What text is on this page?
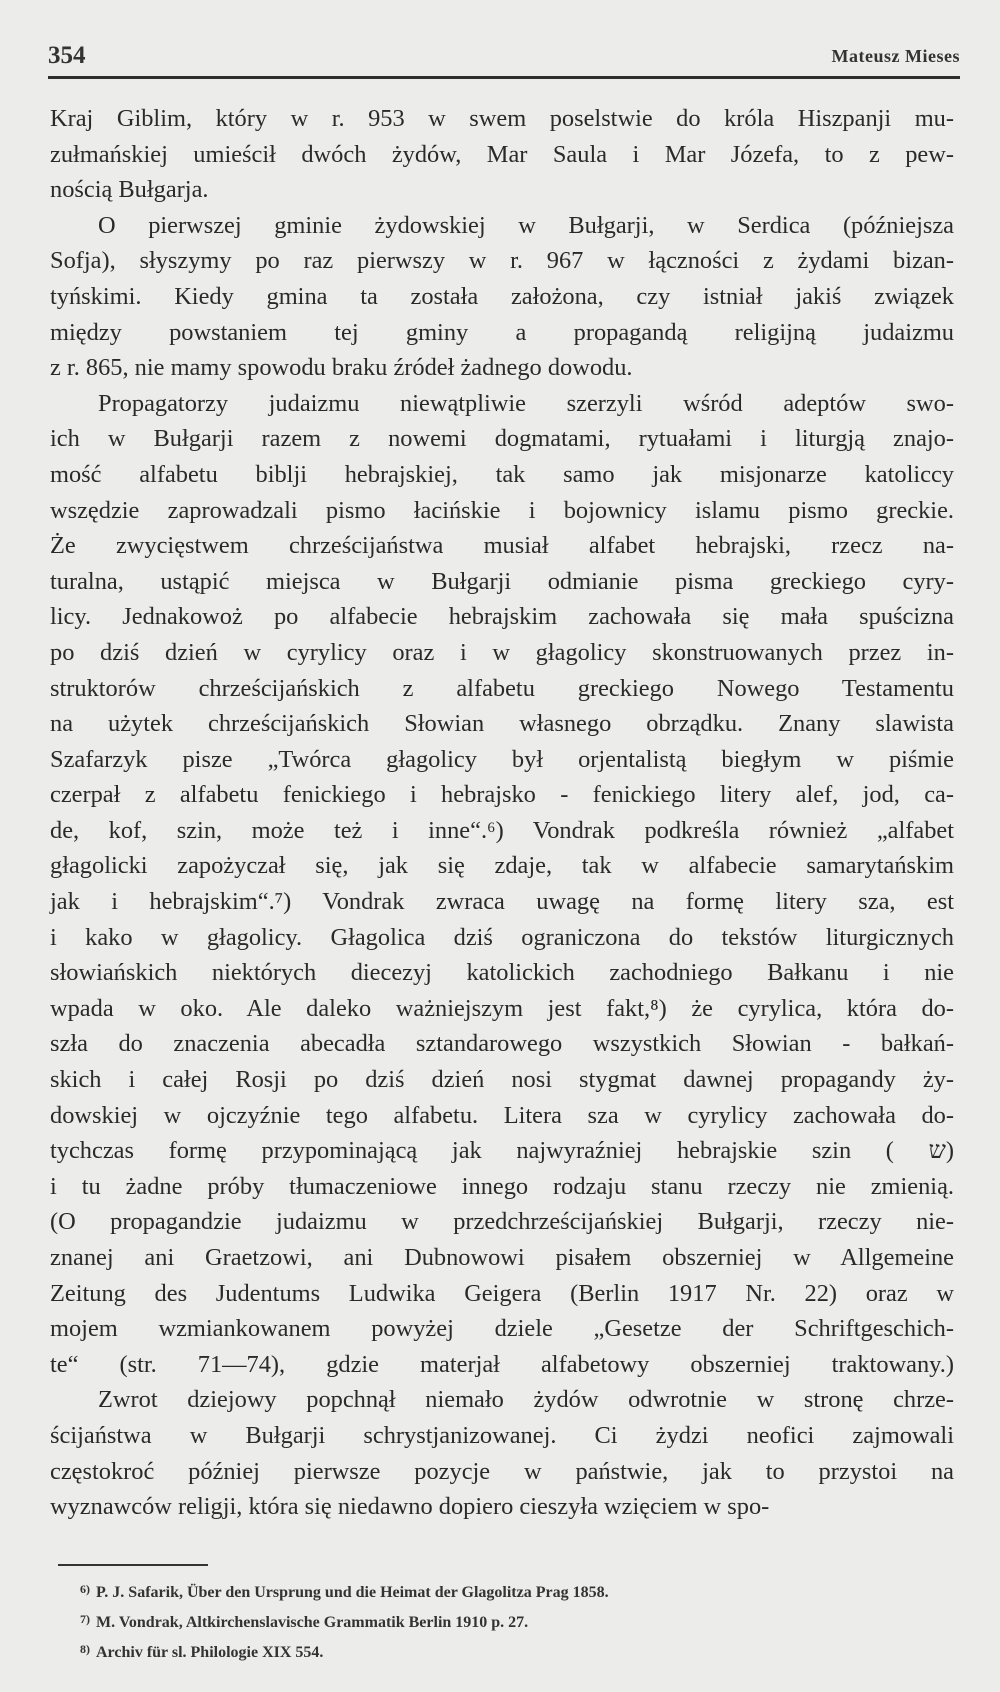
354	Mateusz Mieses
Kraj Giblim, który w r. 953 w swem poselstwie do króla Hiszpanji mu-
zułmańskiej umieścił dwóch żydów, Mar Saula i Mar Józefa, to z pew-
nością Bułgarja.
O pierwszej gminie żydowskiej w Bułgarji, w Serdica (późniejsza
Sofja), słyszymy po raz pierwszy w r. 967 w łączności z żydami bizan-
tyńskimi. Kiedy gmina ta została założona, czy istniał jakiś związek
między powstaniem tej gminy a propagandą religijną judaizmu
z r. 865, nie mamy spowodu braku źródeł żadnego dowodu.
Propagatorzy judaizmu niewątpliwie szerzyli wśród adeptów swo-
ich w Bułgarji razem z nowemi dogmatami, rytuałami i liturgją znajo-
mość alfabetu biblji hebrajskiej, tak samo jak misjonarze katoliccy
wszędzie zaprowadzali pismo łacińskie i bojownicy islamu pismo greckie.
Że zwycięstwem chrześcijaństwa musiał alfabet hebrajski, rzecz na-
turalna, ustąpić miejsca w Bułgarji odmianie pisma greckiego cyry-
licy. Jednakowoż po alfabecie hebrajskim zachowała się mała spuścizna
po dziś dzień w cyrylicy oraz i w głagolicy skonstruowanych przez in-
struktorów chrześcijańskich z alfabetu greckiego Nowego Testamentu
na użytek chrześcijańskich Słowian własnego obrządku. Znany slawista
Szafarzyk pisze „Twórca głagolicy był orjentalistą biegłym w piśmie
czerpał z alfabetu fenickiego i hebrajsko - fenickiego litery alef, jod, ca-
de, kof, szin, może też i inne“.⁶) Vondrak podkreśla również „alfabet
głagolicki zapożyczał się, jak się zdaje, tak w alfabecie samarytańskim
jak i hebrajskim“.⁷) Vondrak zwraca uwagę na formę litery sza, est
i kako w głagolicy. Głagolica dziś ograniczona do tekstów liturgicznych
słowiańskich niektórych diecezyj katolickich zachodniego Bałkanu i nie
wpada w oko. Ale daleko ważniejszym jest fakt,⁸) że cyrylica, która do-
szła do znaczenia abecadła sztandarowego wszystkich Słowian - bałkań-
skich i całej Rosji po dziś dzień nosi stygmat dawnej propagandy ży-
dowskiej w ojczyźnie tego alfabetu. Litera sza w cyrylicy zachowała do-
tychczas formę przypominającą jak najwyraźniej hebrajskie szin ( ש)
i tu żadne próby tłumaczeniowe innego rodzaju stanu rzeczy nie zmienią.
(O propagandzie judaizmu w przedchrześcijańskiej Bułgarji, rzeczy nie-
znanej ani Graetzowi, ani Dubnowowi pisałem obszerniej w Allgemeine
Zeitung des Judentums Ludwika Geigera (Berlin 1917 Nr. 22) oraz w
mojem wzmiankowanem powyżej dziele „Gesetze der Schriftgeschich-
te“ (str. 71—74), gdzie materjał alfabetowy obszerniej traktowany.)
Zwrot dziejowy popchnął niemało żydów odwrotnie w stronę chrze-
ścijaństwa w Bułgarji schrystjanizowanej. Ci żydzi neofici zajmowali
częstokroć później pierwsze pozycje w państwie, jak to przystoi na
wyznawców religji, która się niedawno dopiero cieszyła wzięciem w spo-
$^{6)}$ P. J. Safarik, Über den Ursprung und die Heimat der Glagolitza Prag 1858.
$^{7)}$ M. Vondrak, Altkirchenslavische Grammatik Berlin 1910 p. 27.
$^{8)}$ Archiv für sl. Philologie XIX 554.
